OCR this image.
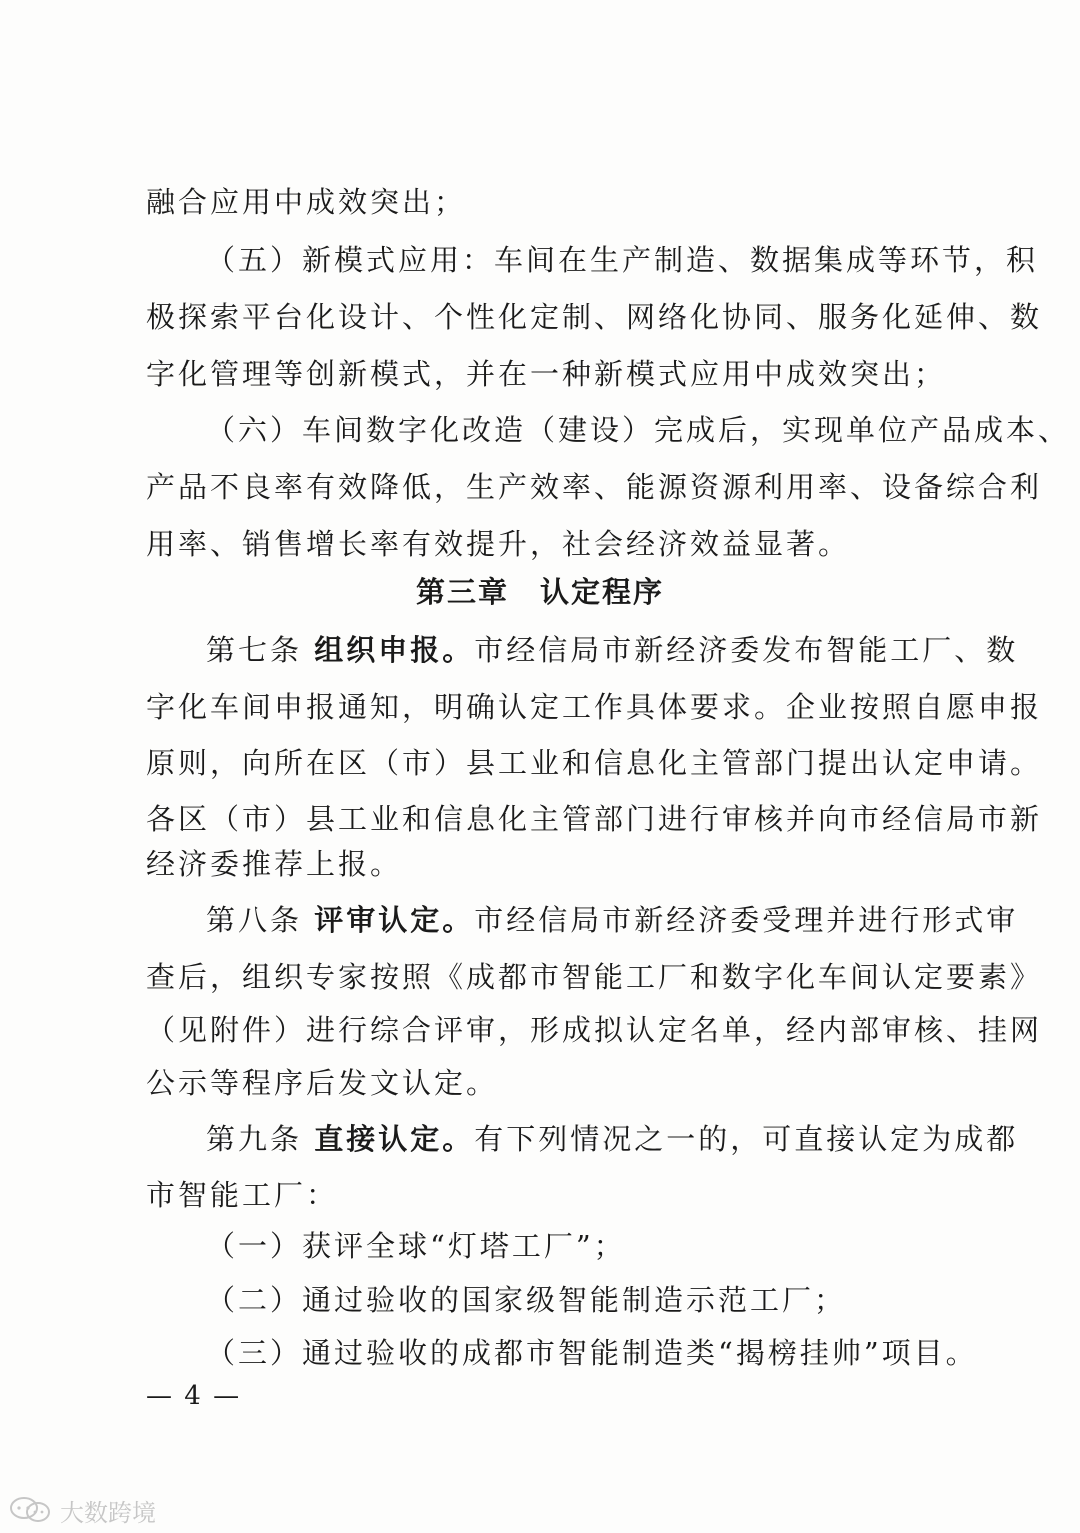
融合应用中成效突出；
（五）新模式应用：车间在生产制造、数据集成等环节，积
极探索平台化设计、个性化定制、网络化协同、服务化延伸、数
字化管理等创新模式，并在一种新模式应用中成效突出；
（六）车间数字化改造（建设）完成后，实现单位产品成本、
产品不良率有效降低，生产效率、能源资源利用率、设备综合利
用率、销售增长率有效提升，社会经济效益显著。
第三章　认定程序
第七条 组织申报。市经信局市新经济委发布智能工厂、数
字化车间申报通知，明确认定工作具体要求。企业按照自愿申报
原则，向所在区（市）县工业和信息化主管部门提出认定申请。
各区（市）县工业和信息化主管部门进行审核并向市经信局市新
经济委推荐上报。
第八条 评审认定。市经信局市新经济委受理并进行形式审
查后，组织专家按照《成都市智能工厂和数字化车间认定要素》
（见附件）进行综合评审，形成拟认定名单，经内部审核、挂网
公示等程序后发文认定。
第九条 直接认定。有下列情况之一的，可直接认定为成都
市智能工厂：
（一）获评全球“灯塔工厂”；
（二）通过验收的国家级智能制造示范工厂；
（三）通过验收的成都市智能制造类“揭榜挂帅”项目。
— 4 —
大数跨境
